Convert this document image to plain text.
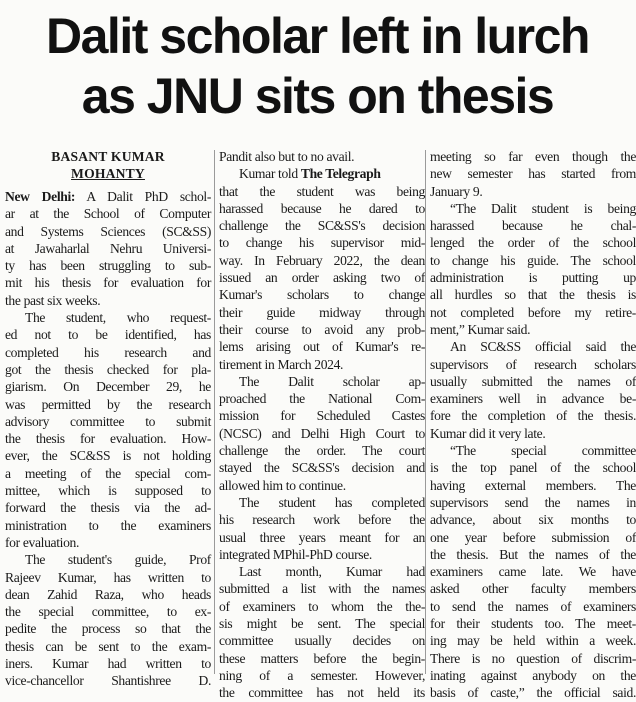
Dalit scholar left in lurch
as JNU sits on thesis
BASANT KUMAR
MOHANTY

New Delhi: A Dalit PhD schol-
ar at the School of Computer
and Systems Sciences (SC&SS)
at Jawaharlal Nehru Universi-
ty has been struggling to sub-
mit his thesis for evaluation for
the past six weeks.

The student, who request-
ed not to be identified, has
completed his research and
got the thesis checked for pla-
giarism. On December 29, he
was permitted by the research
advisory committee to submit
the thesis for evaluation. How-
ever, the SC&SS is not holding
a meeting of the special com-
mittee, which is supposed to
forward the thesis via the ad-
ministration to the examiners
for evaluation.

The student's guide, Prof
Rajeev Kumar, has written to
dean Zahid Raza, who heads
the special committee, to ex-
pedite the process so that the
thesis can be sent to the exam-
iners. Kumar had written to
vice-chancellor Shantishree D.

Pandit also but to no avail.

Kumar told The Telegraph
that the student was being
harassed because he dared to
challenge the SC&SS's decision
to change his supervisor mid-
way. In February 2022, the dean
issued an order asking two of
Kumar's scholars to change
their guide midway through
their course to avoid any prob-
lems arising out of Kumar's re-
tirement in March 2024.

The Dalit scholar ap-
proached the National Com-
mission for Scheduled Castes
(NCSC) and Delhi High Court to
challenge the order. The court
stayed the SC&SS's decision and
allowed him to continue.

The student has completed
his research work before the
usual three years meant for an
integrated MPhil-PhD course.

Last month, Kumar had
submitted a list with the names
of examiners to whom the the-
sis might be sent. The special
committee usually decides on
these matters before the begin-
ning of a semester. However,
the committee has not held its

meeting so far even though the
new semester has started from
January 9.

“The Dalit student is being
harassed because he chal-
lenged the order of the school
to change his guide. The school
administration is putting up
all hurdles so that the thesis is
not completed before my retire-
ment,” Kumar said.

An SC&SS official said the
supervisors of research scholars
usually submitted the names of
examiners well in advance be-
fore the completion of the thesis.
Kumar did it very late.

“The special committee
is the top panel of the school
having external members. The
supervisors send the names in
advance, about six months to
one year before submission of
the thesis. But the names of the
examiners came late. We have
asked other faculty members
to send the names of examiners
for their students too. The meet-
ing may be held within a week.
There is no question of discrim-
inating against anybody on the
basis of caste,” the official said.
